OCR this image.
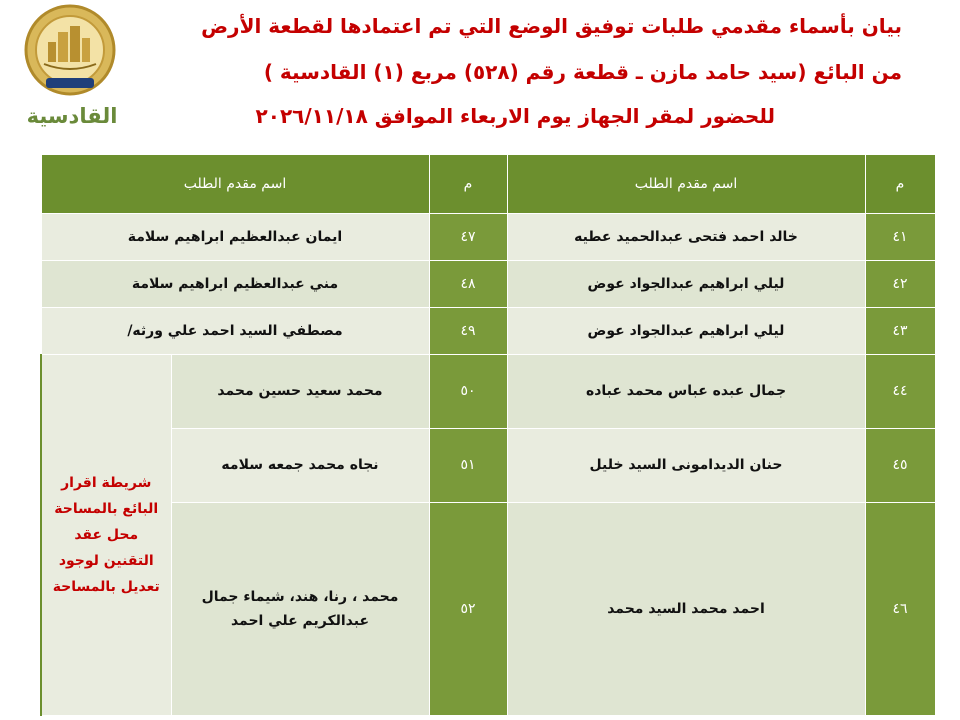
القادسية
بيان بأسماء مقدمي طلبات توفيق الوضع التي تم اعتمادها لقطعة الأرض
من البائع (سيد حامد مازن ـ قطعة رقم (٥٢٨) مربع (١) القادسية )
للحضور لمقر الجهاز يوم الاربعاء الموافق ٢٠٢٦/١١/١٨
م	اسم مقدم الطلب	م	اسم مقدم الطلب	
٤١	خالد احمد فتحى عبدالحميد عطيه	٤٧	ايمان عبدالعظيم ابراهيم سلامة	
٤٢	ليلي ابراهيم عبدالجواد عوض	٤٨	مني عبدالعظيم ابراهيم سلامة	
٤٣	ليلي ابراهيم عبدالجواد عوض	٤٩	مصطفي السيد احمد علي ورثه/	
٤٤	جمال عبده عباس محمد عباده	٥٠	محمد سعيد حسين محمد	شريطة اقرار البائع بالمساحة محل عقد التقنين لوجود تعديل بالمساحة
٤٥	حنان الديدامونى السيد خليل	٥١	نجاه محمد جمعه سلامه	
٤٦	احمد محمد السيد محمد	٥٢	محمد ، رنا، هند، شيماء جمال عبدالكريم علي احمد	
